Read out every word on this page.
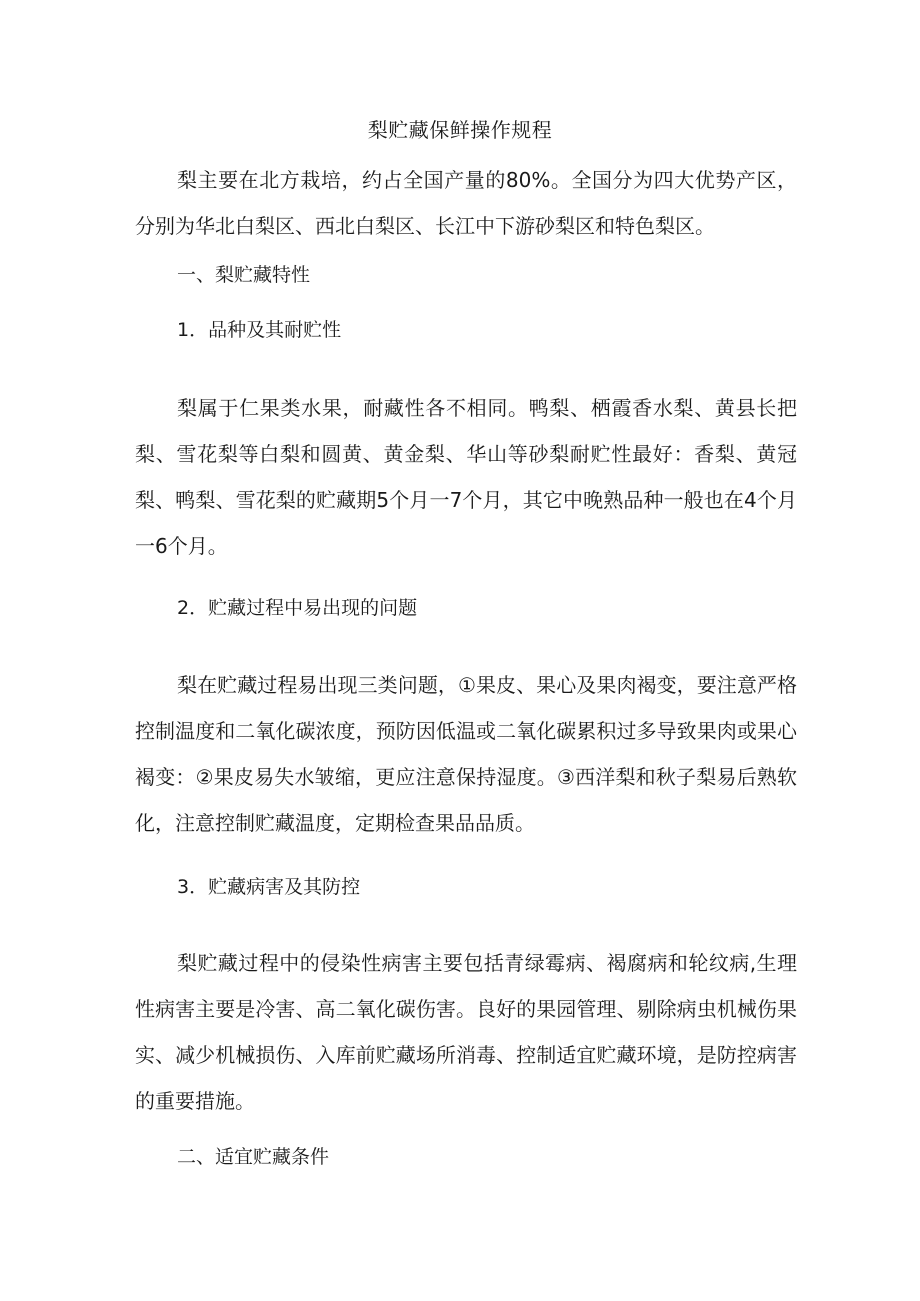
梨贮藏保鲜操作规程

梨主要在北方栽培，约占全国产量的80%。全国分为四大优势产区，分别为华北白梨区、西北白梨区、长江中下游砂梨区和特色梨区。

一、梨贮藏特性

1．品种及其耐贮性

梨属于仁果类水果，耐藏性各不相同。鸭梨、栖霞香水梨、黄县长把梨、雪花梨等白梨和圆黄、黄金梨、华山等砂梨耐贮性最好：香梨、黄冠梨、鸭梨、雪花梨的贮藏期5个月一7个月，其它中晚熟品种一般也在4个月一6个月。

2．贮藏过程中易出现的问题

梨在贮藏过程易出现三类问题，①果皮、果心及果肉褐变，要注意严格控制温度和二氧化碳浓度，预防因低温或二氧化碳累积过多导致果肉或果心褐变：②果皮易失水皱缩，更应注意保持湿度。③西洋梨和秋子梨易后熟软化，注意控制贮藏温度，定期检查果品品质。

3．贮藏病害及其防控

梨贮藏过程中的侵染性病害主要包括青绿霉病、褐腐病和轮纹病,生理性病害主要是冷害、高二氧化碳伤害。良好的果园管理、剔除病虫机械伤果实、减少机械损伤、入库前贮藏场所消毒、控制适宜贮藏环境，是防控病害的重要措施。

二、适宜贮藏条件
